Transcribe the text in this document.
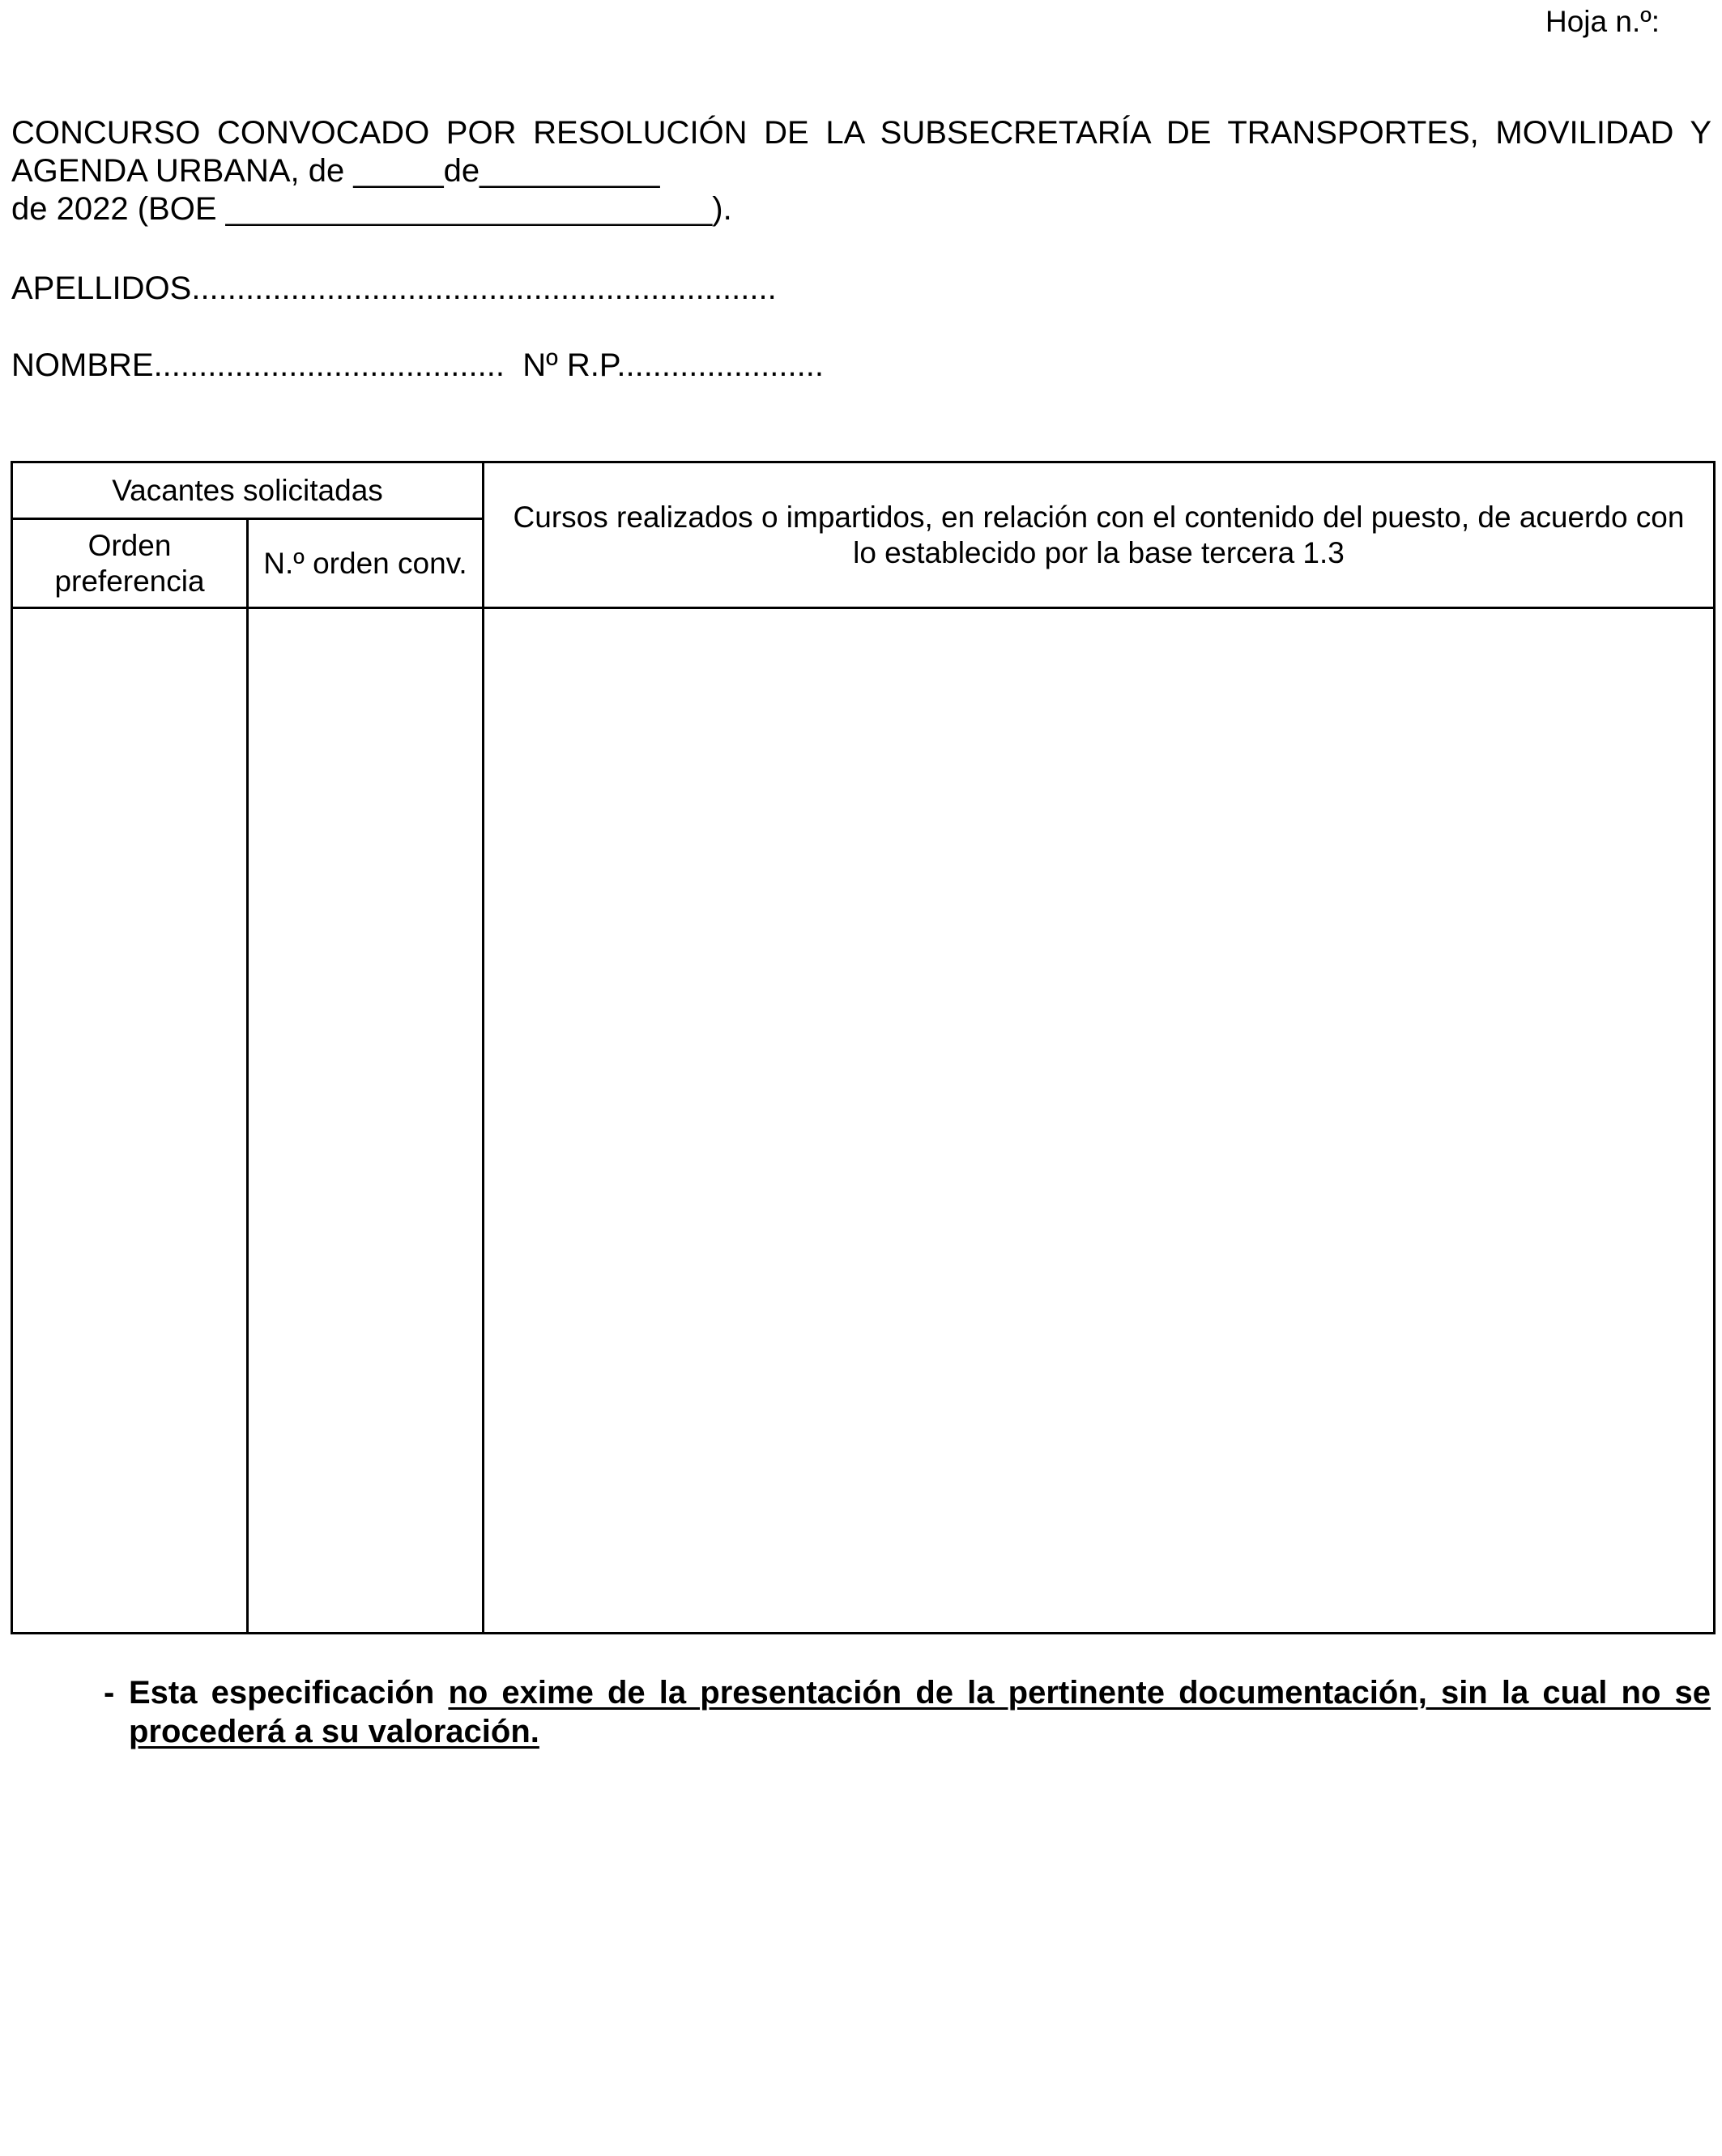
Hoja n.º:
CONCURSO CONVOCADO POR RESOLUCIÓN DE LA SUBSECRETARÍA DE TRANSPORTES, MOVILIDAD Y
AGENDA URBANA, de _____de__________
de 2022 (BOE ___________________________).
APELLIDOS.................................................................
NOMBRE....................................... Nº R.P.......................
Vacantes solicitadas		Cursos realizados o impartidos, en relación con el contenido del puesto, de acuerdo con lo establecido por la base tercera 1.3

Orden preferencia	N.º orden conv.	

- Esta especificación no exime de la presentación de la pertinente documentación, sin la cual no se procederá a su valoración.
